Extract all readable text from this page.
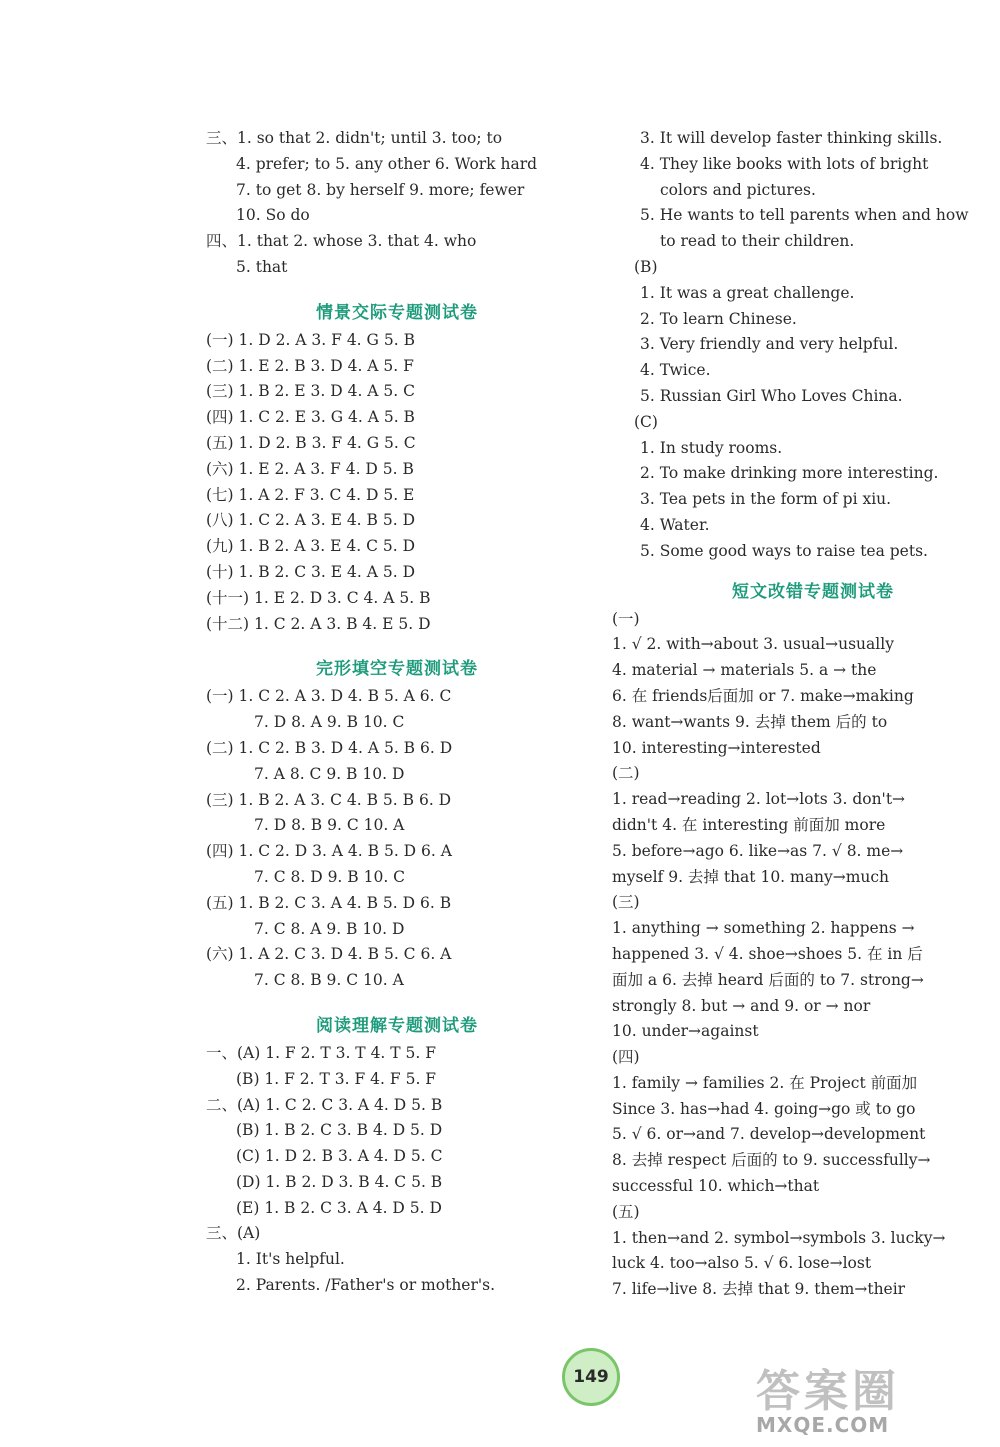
三、1. so that 2. didn't; until 3. too; to
4. prefer; to 5. any other 6. Work hard
7. to get 8. by herself 9. more; fewer
10. So do
四、1. that 2. whose 3. that 4. who
5. that
情景交际专题测试卷
(一) 1. D 2. A 3. F 4. G 5. B
(二) 1. E 2. B 3. D 4. A 5. F
(三) 1. B 2. E 3. D 4. A 5. C
(四) 1. C 2. E 3. G 4. A 5. B
(五) 1. D 2. B 3. F 4. G 5. C
(六) 1. E 2. A 3. F 4. D 5. B
(七) 1. A 2. F 3. C 4. D 5. E
(八) 1. C 2. A 3. E 4. B 5. D
(九) 1. B 2. A 3. E 4. C 5. D
(十) 1. B 2. C 3. E 4. A 5. D
(十一) 1. E 2. D 3. C 4. A 5. B
(十二) 1. C 2. A 3. B 4. E 5. D
完形填空专题测试卷
(一) 1. C 2. A 3. D 4. B 5. A 6. C
7. D 8. A 9. B 10. C
(二) 1. C 2. B 3. D 4. A 5. B 6. D
7. A 8. C 9. B 10. D
(三) 1. B 2. A 3. C 4. B 5. B 6. D
7. D 8. B 9. C 10. A
(四) 1. C 2. D 3. A 4. B 5. D 6. A
7. C 8. D 9. B 10. C
(五) 1. B 2. C 3. A 4. B 5. D 6. B
7. C 8. A 9. B 10. D
(六) 1. A 2. C 3. D 4. B 5. C 6. A
7. C 8. B 9. C 10. A
阅读理解专题测试卷
一、(A) 1. F 2. T 3. T 4. T 5. F
(B) 1. F 2. T 3. F 4. F 5. F
二、(A) 1. C 2. C 3. A 4. D 5. B
(B) 1. B 2. C 3. B 4. D 5. D
(C) 1. D 2. B 3. A 4. D 5. C
(D) 1. B 2. D 3. B 4. C 5. B
(E) 1. B 2. C 3. A 4. D 5. D
三、(A)
1. It's helpful.
2. Parents. /Father's or mother's.
3. It will develop faster thinking skills.
4. They like books with lots of bright
colors and pictures.
5. He wants to tell parents when and how
to read to their children.
(B)
1. It was a great challenge.
2. To learn Chinese.
3. Very friendly and very helpful.
4. Twice.
5. Russian Girl Who Loves China.
(C)
1. In study rooms.
2. To make drinking more interesting.
3. Tea pets in the form of pi xiu.
4. Water.
5. Some good ways to raise tea pets.
短文改错专题测试卷
(一)
1. √ 2. with→about 3. usual→usually
4. material → materials 5. a → the
6. 在 friends后面加 or 7. make→making
8. want→wants 9. 去掉 them 后的 to
10. interesting→interested
(二)
1. read→reading 2. lot→lots 3. don't→
didn't 4. 在 interesting 前面加 more
5. before→ago 6. like→as 7. √ 8. me→
myself 9. 去掉 that 10. many→much
(三)
1. anything → something 2. happens →
happened 3. √ 4. shoe→shoes 5. 在 in 后
面加 a 6. 去掉 heard 后面的 to 7. strong→
strongly 8. but → and 9. or → nor
10. under→against
(四)
1. family → families 2. 在 Project 前面加
Since 3. has→had 4. going→go 或 to go
5. √ 6. or→and 7. develop→development
8. 去掉 respect 后面的 to 9. successfully→
successful 10. which→that
(五)
1. then→and 2. symbol→symbols 3. lucky→
luck 4. too→also 5. √ 6. lose→lost
7. life→live 8. 去掉 that 9. them→their
149	答案圈
MXQE.COM
